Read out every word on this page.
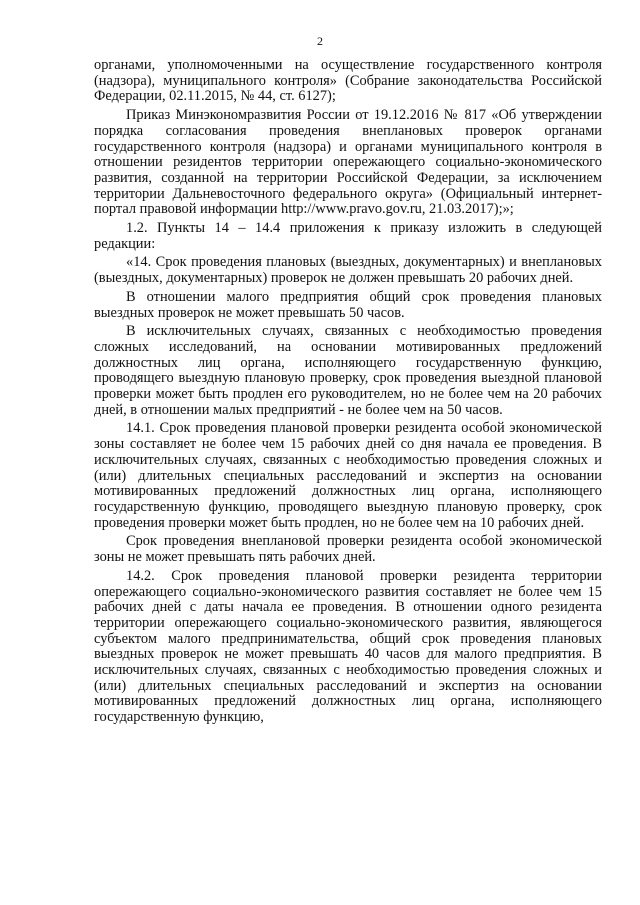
2

органами, уполномоченными на осуществление государственного контроля (надзора), муниципального контроля» (Собрание законодательства Российской Федерации, 02.11.2015, № 44, ст. 6127);

Приказ Минэкономразвития России от 19.12.2016 № 817 «Об утверждении порядка согласования проведения внеплановых проверок органами государственного контроля (надзора) и органами муниципального контроля в отношении резидентов территории опережающего социально-экономического развития, созданной на территории Российской Федерации, за исключением территории Дальневосточного федерального округа» (Официальный интернет-портал правовой информации http://www.pravo.gov.ru, 21.03.2017);»;

1.2. Пункты 14 – 14.4 приложения к приказу изложить в следующей редакции:

«14. Срок проведения плановых (выездных, документарных) и внеплановых (выездных, документарных) проверок не должен превышать 20 рабочих дней.

В отношении малого предприятия общий срок проведения плановых выездных проверок не может превышать 50 часов.

В исключительных случаях, связанных с необходимостью проведения сложных исследований, на основании мотивированных предложений должностных лиц органа, исполняющего государственную функцию, проводящего выездную плановую проверку, срок проведения выездной плановой проверки может быть продлен его руководителем, но не более чем на 20 рабочих дней, в отношении малых предприятий - не более чем на 50 часов.

14.1. Срок проведения плановой проверки резидента особой экономической зоны составляет не более чем 15 рабочих дней со дня начала ее проведения. В исключительных случаях, связанных с необходимостью проведения сложных и (или) длительных специальных расследований и экспертиз на основании мотивированных предложений должностных лиц органа, исполняющего государственную функцию, проводящего выездную плановую проверку, срок проведения проверки может быть продлен, но не более чем на 10 рабочих дней.

Срок проведения внеплановой проверки резидента особой экономической зоны не может превышать пять рабочих дней.

14.2. Срок проведения плановой проверки резидента территории опережающего социально-экономического развития составляет не более чем 15 рабочих дней с даты начала ее проведения. В отношении одного резидента территории опережающего социально-экономического развития, являющегося субъектом малого предпринимательства, общий срок проведения плановых выездных проверок не может превышать 40 часов для малого предприятия. В исключительных случаях, связанных с необходимостью проведения сложных и (или) длительных специальных расследований и экспертиз на основании мотивированных предложений должностных лиц органа, исполняющего государственную функцию,
